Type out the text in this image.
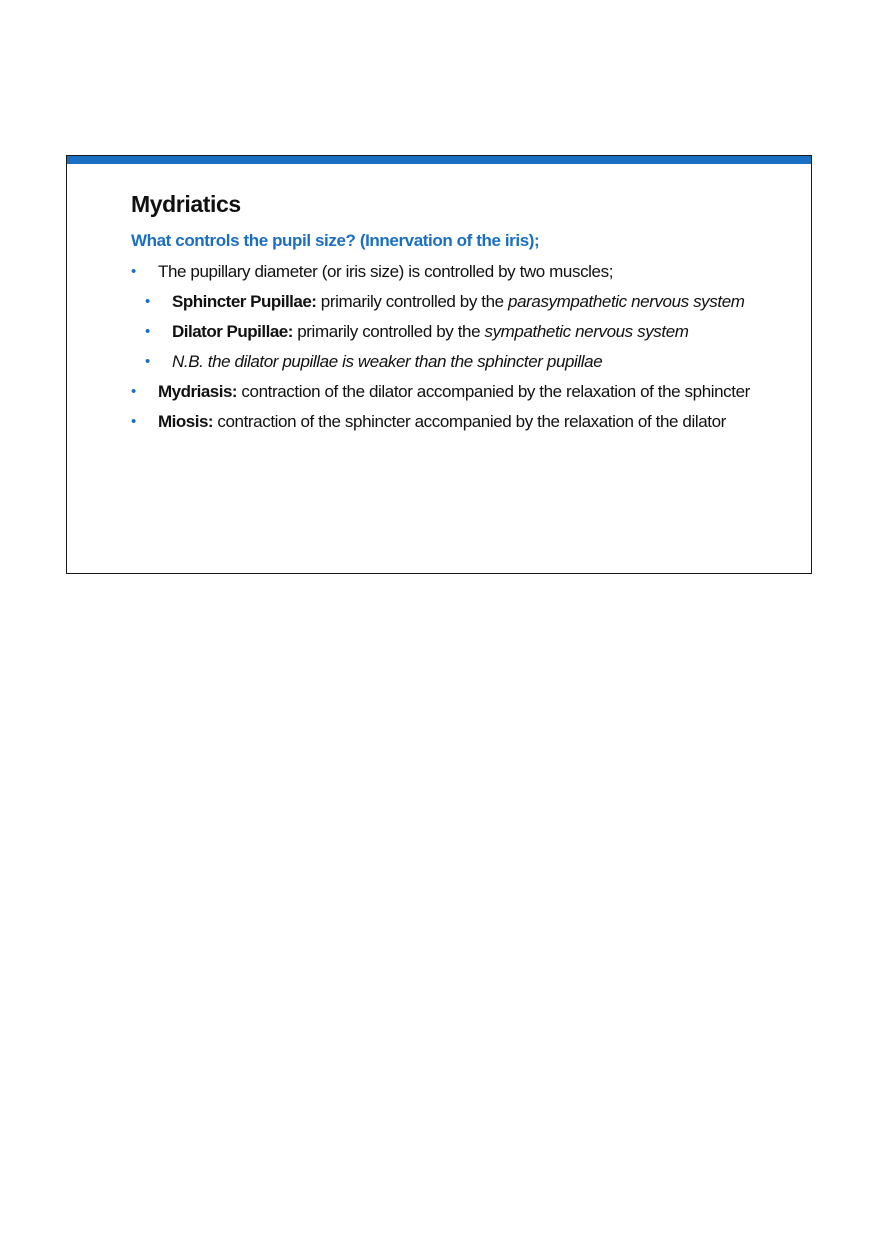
Mydriatics
What controls the pupil size? (Innervation of the iris);
• The pupillary diameter (or iris size) is controlled by two muscles;
• Sphincter Pupillae: primarily controlled by the parasympathetic nervous system
• Dilator Pupillae: primarily controlled by the sympathetic nervous system
• N.B. the dilator pupillae is weaker than the sphincter pupillae
• Mydriasis: contraction of the dilator accompanied by the relaxation of the sphincter
• Miosis: contraction of the sphincter accompanied by the relaxation of the dilator
